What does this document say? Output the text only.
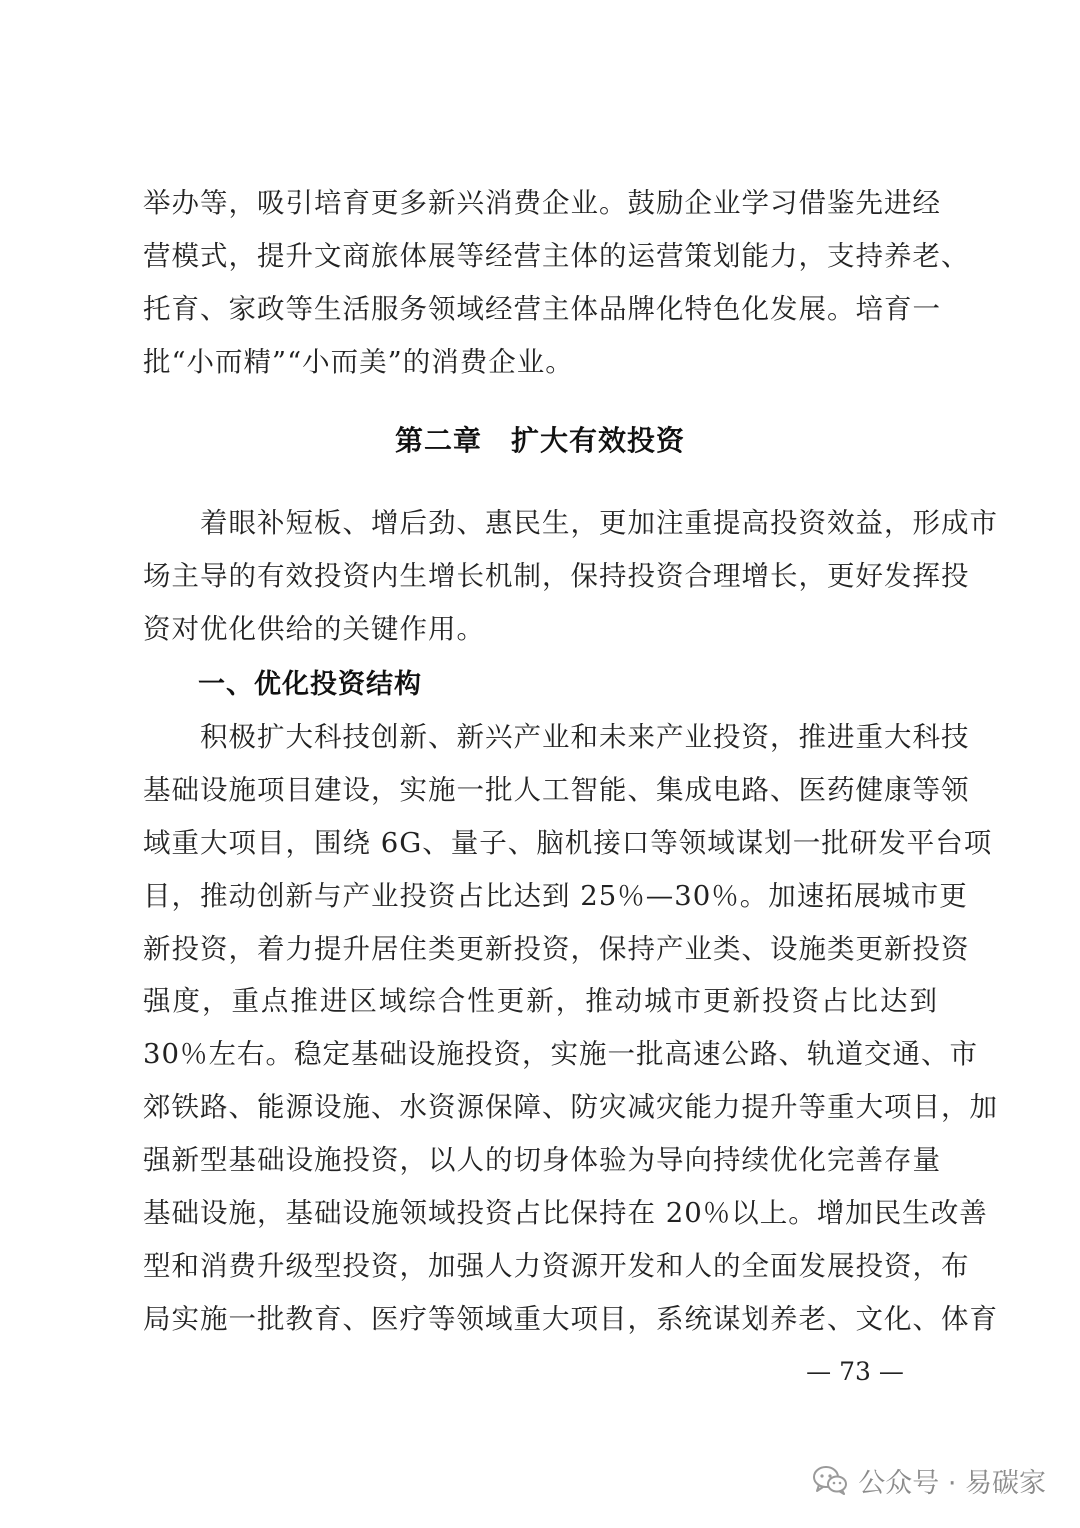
举办等，吸引培育更多新兴消费企业。鼓励企业学习借鉴先进经
营模式，提升文商旅体展等经营主体的运营策划能力，支持养老、
托育、家政等生活服务领域经营主体品牌化特色化发展。培育一
批“小而精”“小而美”的消费企业。
第二章　扩大有效投资
　　着眼补短板、增后劲、惠民生，更加注重提高投资效益，形成市
场主导的有效投资内生增长机制，保持投资合理增长，更好发挥投
资对优化供给的关键作用。
一、优化投资结构
　　积极扩大科技创新、新兴产业和未来产业投资，推进重大科技
基础设施项目建设，实施一批人工智能、集成电路、医药健康等领
域重大项目，围绕 6G、量子、脑机接口等领域谋划一批研发平台项
目，推动创新与产业投资占比达到 25％—30％。加速拓展城市更
新投资，着力提升居住类更新投资，保持产业类、设施类更新投资
强度，重点推进区域综合性更新，推动城市更新投资占比达到
30％左右。稳定基础设施投资，实施一批高速公路、轨道交通、市
郊铁路、能源设施、水资源保障、防灾减灾能力提升等重大项目，加
强新型基础设施投资，以人的切身体验为导向持续优化完善存量
基础设施，基础设施领域投资占比保持在 20％以上。增加民生改善
型和消费升级型投资，加强人力资源开发和人的全面发展投资，布
局实施一批教育、医疗等领域重大项目，系统谋划养老、文化、体育
— 73 —
公众号 · 易碳家
